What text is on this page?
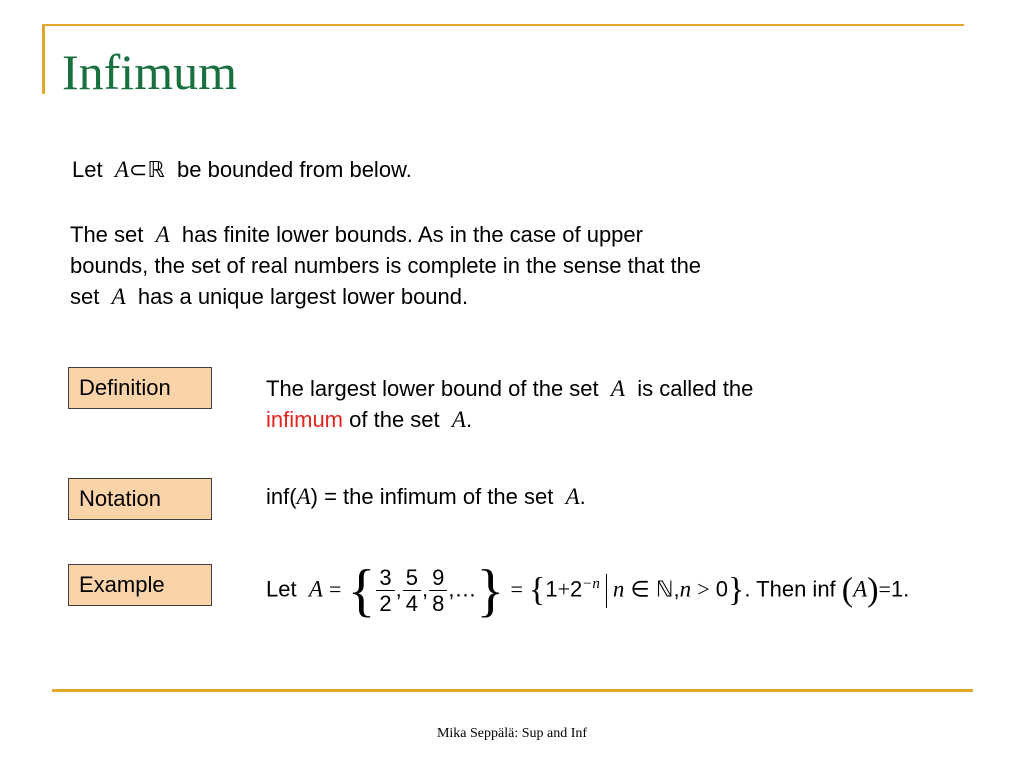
Infimum
Let A⊂ℝ be bounded from below.
The set A has finite lower bounds. As in the case of upper
bounds, the set of real numbers is complete in the sense that the
set A has a unique largest lower bound.
Definition	The largest lower bound of the set A is called the
infimum of the set A.
Notation	inf(A) = the infimum of the set A.
Example	Let A = { $\frac{3}{2}$ , $\frac{5}{4}$ , $\frac{9}{8}$ ,…} = {$1+2^{-n}$ n ∈ ℕ,n > 0}. Then inf (A)=1.
Mika Seppälä: Sup and Inf
